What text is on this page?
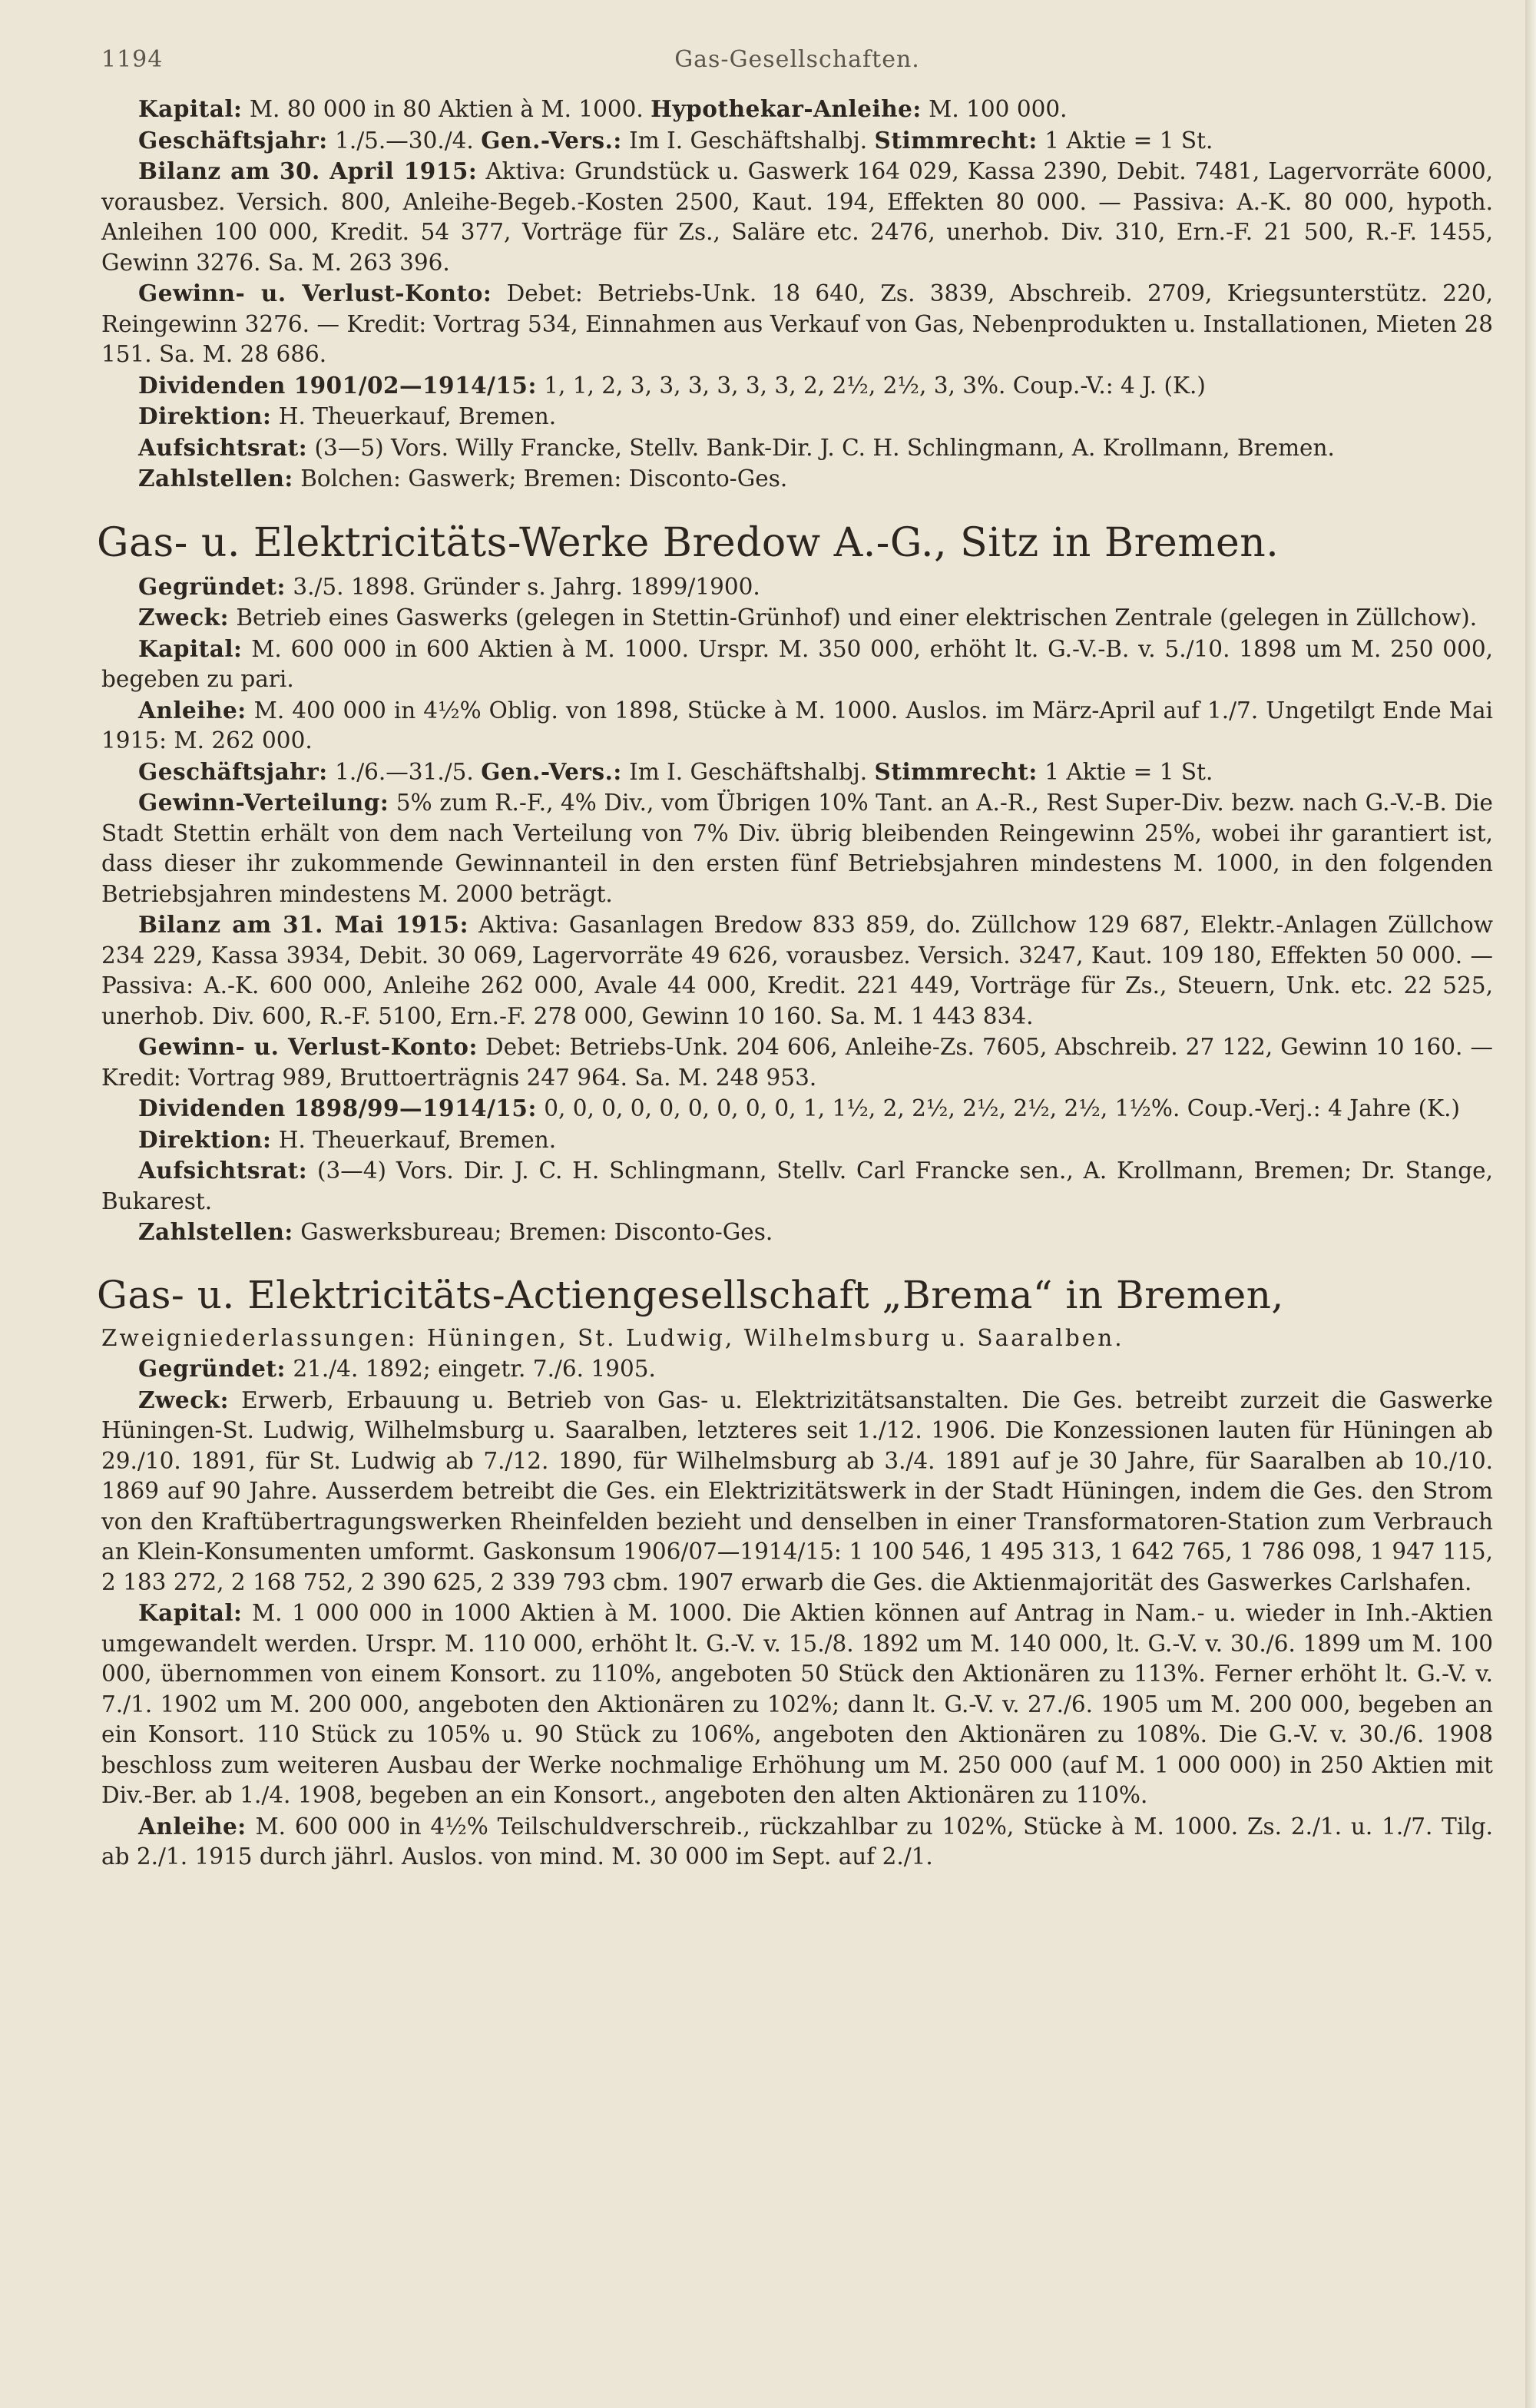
1194	Gas-Gesellschaften.

Kapital: M. 80 000 in 80 Aktien à M. 1000. Hypothekar-Anleihe: M. 100 000.

Geschäftsjahr: 1./5.—30./4. Gen.-Vers.: Im I. Geschäftshalbj. Stimmrecht: 1 Aktie = 1 St.

Bilanz am 30. April 1915: Aktiva: Grundstück u. Gaswerk 164 029, Kassa 2390, Debit. 7481, Lagervorräte 6000, vorausbez. Versich. 800, Anleihe-Begeb.-Kosten 2500, Kaut. 194, Effekten 80 000. — Passiva: A.-K. 80 000, hypoth. Anleihen 100 000, Kredit. 54 377, Vorträge für Zs., Saläre etc. 2476, unerhob. Div. 310, Ern.-F. 21 500, R.-F. 1455, Gewinn 3276. Sa. M. 263 396.

Gewinn- u. Verlust-Konto: Debet: Betriebs-Unk. 18 640, Zs. 3839, Abschreib. 2709, Kriegsunterstütz. 220, Reingewinn 3276. — Kredit: Vortrag 534, Einnahmen aus Verkauf von Gas, Nebenprodukten u. Installationen, Mieten 28 151. Sa. M. 28 686.

Dividenden 1901/02—1914/15: 1, 1, 2, 3, 3, 3, 3, 3, 3, 2, 2½, 2½, 3, 3%. Coup.-V.: 4 J. (K.)

Direktion: H. Theuerkauf, Bremen.

Aufsichtsrat: (3—5) Vors. Willy Francke, Stellv. Bank-Dir. J. C. H. Schlingmann, A. Krollmann, Bremen.

Zahlstellen: Bolchen: Gaswerk; Bremen: Disconto-Ges.

Gas- u. Elektricitäts-Werke Bredow A.-G., Sitz in Bremen.

Gegründet: 3./5. 1898. Gründer s. Jahrg. 1899/1900.

Zweck: Betrieb eines Gaswerks (gelegen in Stettin-Grünhof) und einer elektrischen Zentrale (gelegen in Züllchow).

Kapital: M. 600 000 in 600 Aktien à M. 1000. Urspr. M. 350 000, erhöht lt. G.-V.-B. v. 5./10. 1898 um M. 250 000, begeben zu pari.

Anleihe: M. 400 000 in 4½% Oblig. von 1898, Stücke à M. 1000. Auslos. im März-April auf 1./7. Ungetilgt Ende Mai 1915: M. 262 000.

Geschäftsjahr: 1./6.—31./5. Gen.-Vers.: Im I. Geschäftshalbj. Stimmrecht: 1 Aktie = 1 St.

Gewinn-Verteilung: 5% zum R.-F., 4% Div., vom Übrigen 10% Tant. an A.-R., Rest Super-Div. bezw. nach G.-V.-B. Die Stadt Stettin erhält von dem nach Verteilung von 7% Div. übrig bleibenden Reingewinn 25%, wobei ihr garantiert ist, dass dieser ihr zukommende Gewinnanteil in den ersten fünf Betriebsjahren mindestens M. 1000, in den folgenden Betriebsjahren mindestens M. 2000 beträgt.

Bilanz am 31. Mai 1915: Aktiva: Gasanlagen Bredow 833 859, do. Züllchow 129 687, Elektr.-Anlagen Züllchow 234 229, Kassa 3934, Debit. 30 069, Lagervorräte 49 626, vorausbez. Versich. 3247, Kaut. 109 180, Effekten 50 000. — Passiva: A.-K. 600 000, Anleihe 262 000, Avale 44 000, Kredit. 221 449, Vorträge für Zs., Steuern, Unk. etc. 22 525, unerhob. Div. 600, R.-F. 5100, Ern.-F. 278 000, Gewinn 10 160. Sa. M. 1 443 834.

Gewinn- u. Verlust-Konto: Debet: Betriebs-Unk. 204 606, Anleihe-Zs. 7605, Abschreib. 27 122, Gewinn 10 160. — Kredit: Vortrag 989, Bruttoerträgnis 247 964. Sa. M. 248 953.

Dividenden 1898/99—1914/15: 0, 0, 0, 0, 0, 0, 0, 0, 0, 1, 1½, 2, 2½, 2½, 2½, 2½, 1½%. Coup.-Verj.: 4 Jahre (K.)

Direktion: H. Theuerkauf, Bremen.

Aufsichtsrat: (3—4) Vors. Dir. J. C. H. Schlingmann, Stellv. Carl Francke sen., A. Krollmann, Bremen; Dr. Stange, Bukarest.

Zahlstellen: Gaswerksbureau; Bremen: Disconto-Ges.

Gas- u. Elektricitäts-Actiengesellschaft „Brema“ in Bremen,

Zweigniederlassungen: Hüningen, St. Ludwig, Wilhelmsburg u. Saaralben.

Gegründet: 21./4. 1892; eingetr. 7./6. 1905.

Zweck: Erwerb, Erbauung u. Betrieb von Gas- u. Elektrizitätsanstalten. Die Ges. betreibt zurzeit die Gaswerke Hüningen-St. Ludwig, Wilhelmsburg u. Saaralben, letzteres seit 1./12. 1906. Die Konzessionen lauten für Hüningen ab 29./10. 1891, für St. Ludwig ab 7./12. 1890, für Wilhelmsburg ab 3./4. 1891 auf je 30 Jahre, für Saaralben ab 10./10. 1869 auf 90 Jahre. Ausserdem betreibt die Ges. ein Elektrizitätswerk in der Stadt Hüningen, indem die Ges. den Strom von den Kraftübertragungswerken Rheinfelden bezieht und denselben in einer Transformatoren-Station zum Verbrauch an Klein-Konsumenten umformt. Gaskonsum 1906/07—1914/15: 1 100 546, 1 495 313, 1 642 765, 1 786 098, 1 947 115, 2 183 272, 2 168 752, 2 390 625, 2 339 793 cbm. 1907 erwarb die Ges. die Aktienmajorität des Gaswerkes Carlshafen.

Kapital: M. 1 000 000 in 1000 Aktien à M. 1000. Die Aktien können auf Antrag in Nam.- u. wieder in Inh.-Aktien umgewandelt werden. Urspr. M. 110 000, erhöht lt. G.-V. v. 15./8. 1892 um M. 140 000, lt. G.-V. v. 30./6. 1899 um M. 100 000, übernommen von einem Konsort. zu 110%, angeboten 50 Stück den Aktionären zu 113%. Ferner erhöht lt. G.-V. v. 7./1. 1902 um M. 200 000, angeboten den Aktionären zu 102%; dann lt. G.-V. v. 27./6. 1905 um M. 200 000, begeben an ein Konsort. 110 Stück zu 105% u. 90 Stück zu 106%, angeboten den Aktionären zu 108%. Die G.-V. v. 30./6. 1908 beschloss zum weiteren Ausbau der Werke nochmalige Erhöhung um M. 250 000 (auf M. 1 000 000) in 250 Aktien mit Div.-Ber. ab 1./4. 1908, begeben an ein Konsort., angeboten den alten Aktionären zu 110%.

Anleihe: M. 600 000 in 4½% Teilschuldverschreib., rückzahlbar zu 102%, Stücke à M. 1000. Zs. 2./1. u. 1./7. Tilg. ab 2./1. 1915 durch jährl. Auslos. von mind. M. 30 000 im Sept. auf 2./1.
